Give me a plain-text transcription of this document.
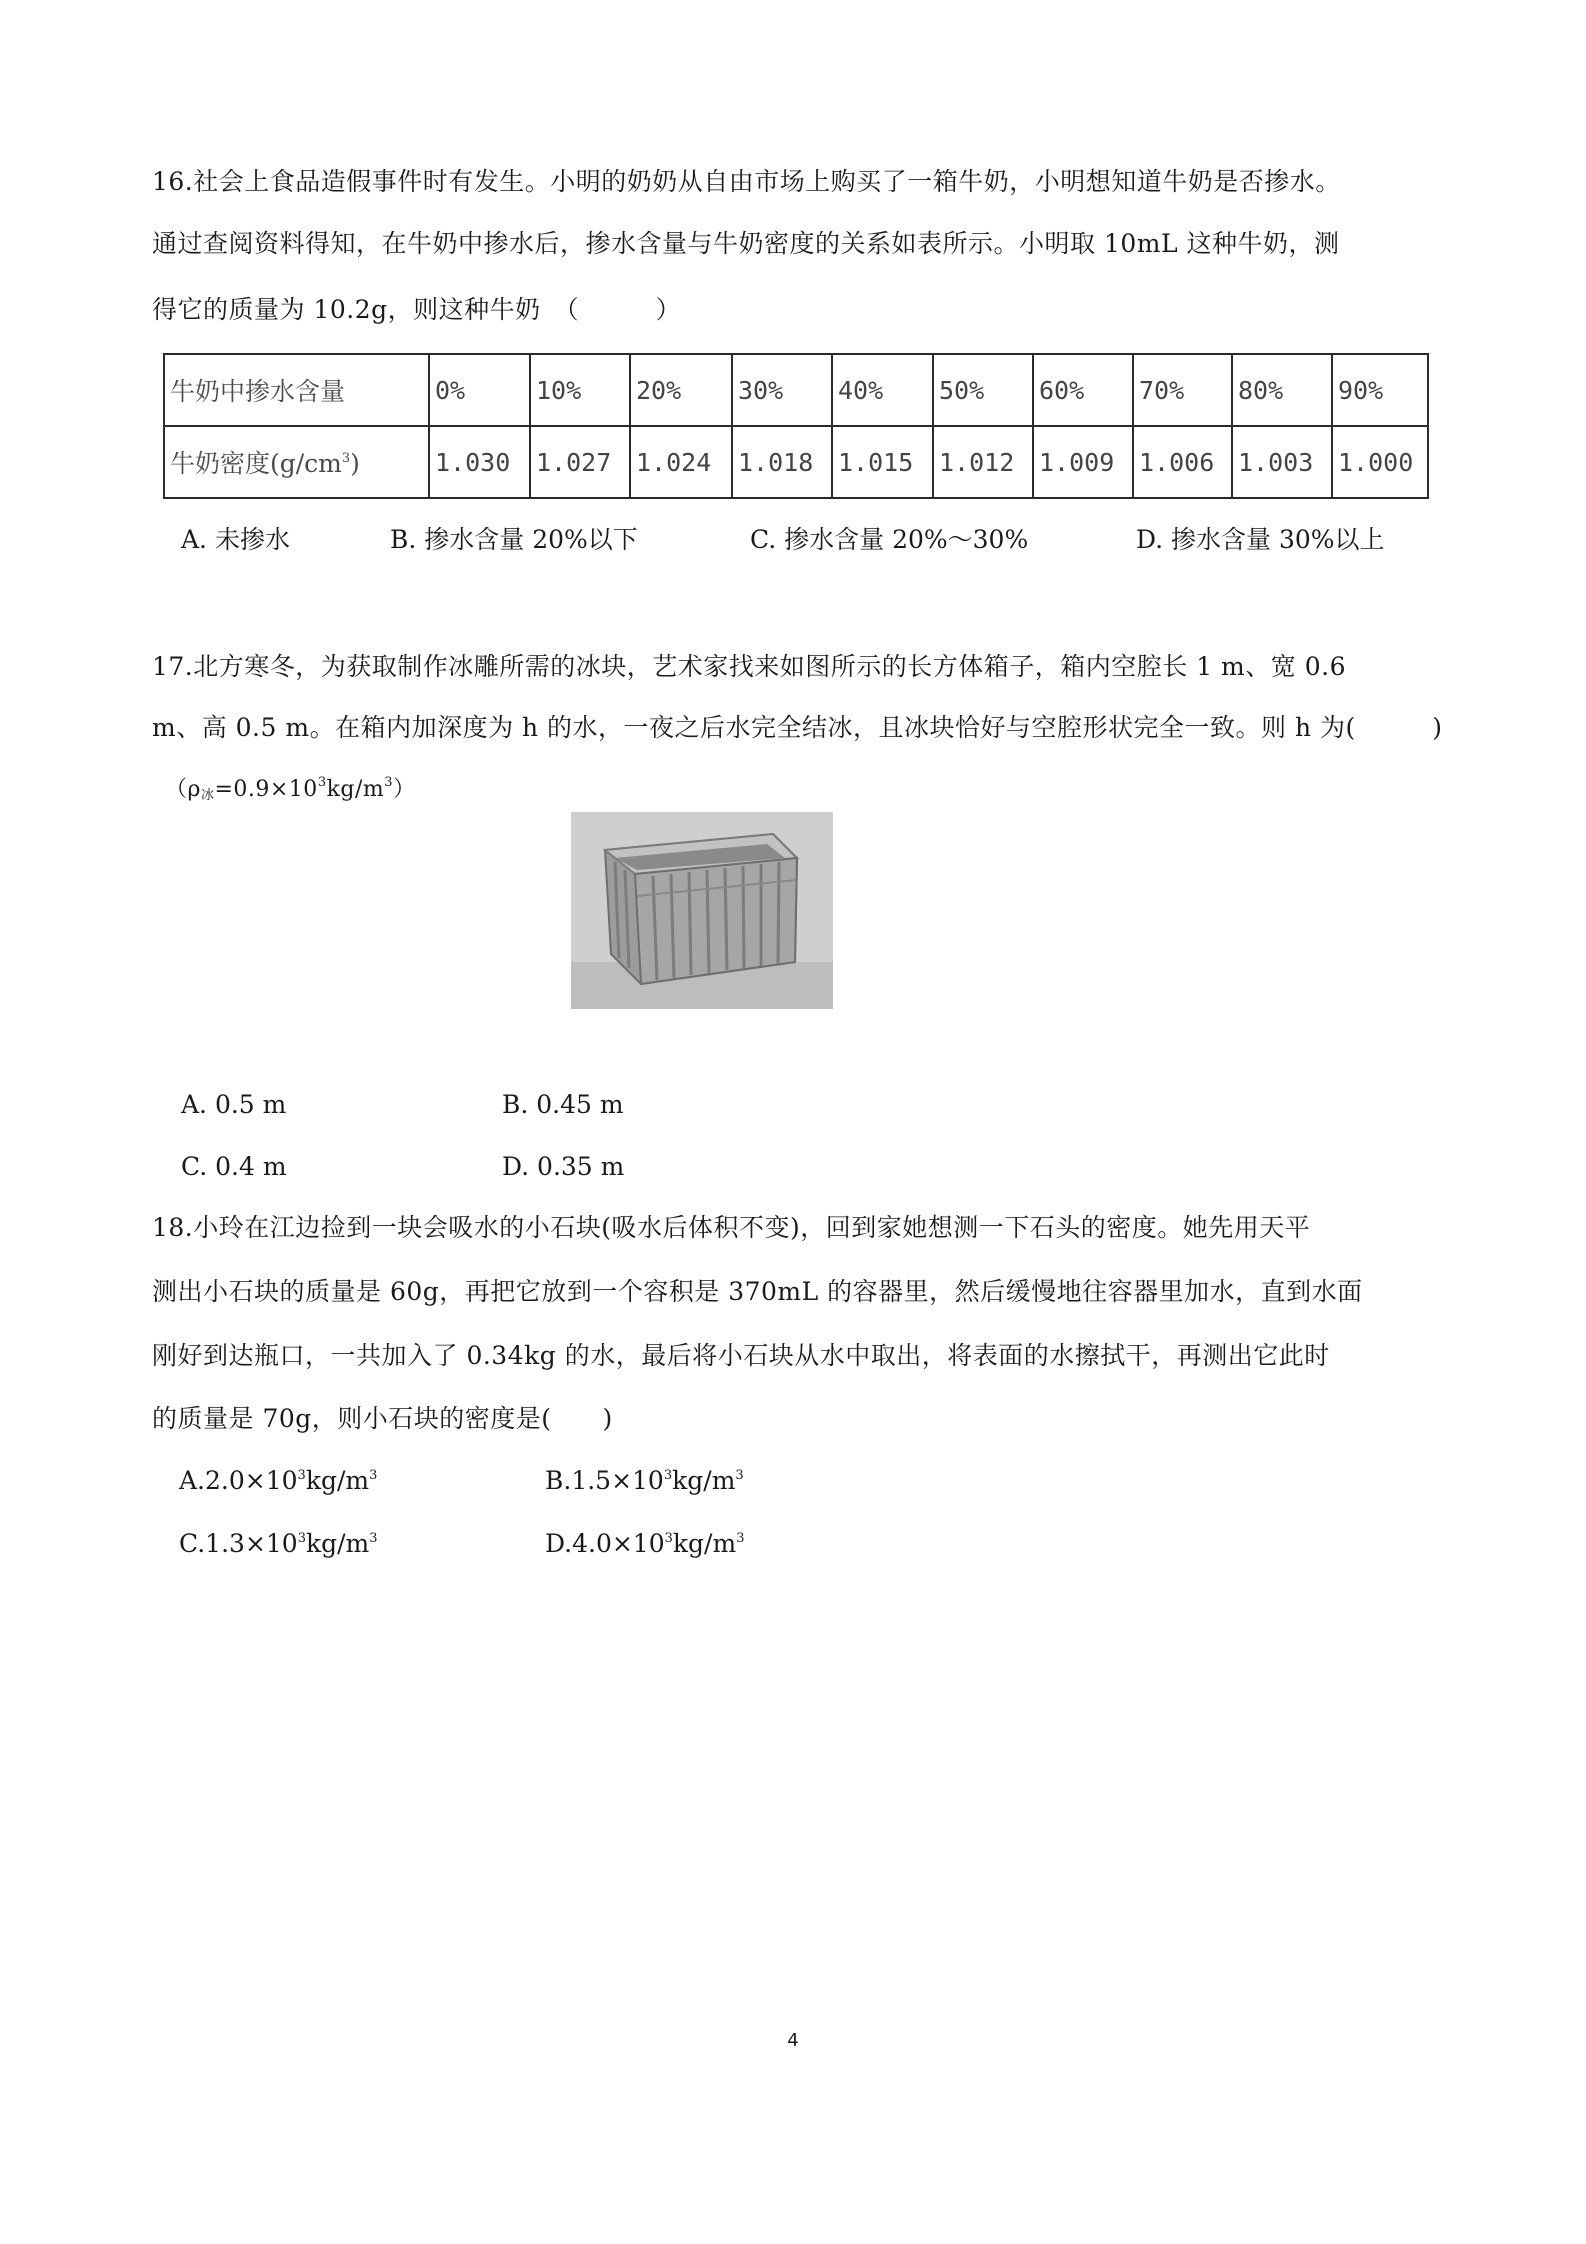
16.社会上食品造假事件时有发生。小明的奶奶从自由市场上购买了一箱牛奶，小明想知道牛奶是否掺水。
通过查阅资料得知，在牛奶中掺水后，掺水含量与牛奶密度的关系如表所示。小明取 10mL 这种牛奶，测
得它的质量为 10.2g，则这种牛奶　（　　　）
牛奶中掺水含量	0%	10%	20%	30%	40%	50%	60%	70%	80%	90%
牛奶密度$(g/cm^3)$	1.030	1.027	1.024	1.018	1.015	1.012	1.009	1.006	1.003	1.000
A. 未掺水	B. 掺水含量 20%以下	C. 掺水含量 20%～30%	D. 掺水含量 30%以上
17.北方寒冬，为获取制作冰雕所需的冰块，艺术家找来如图所示的长方体箱子，箱内空腔长 1 m、宽 0.6
m、高 0.5 m。在箱内加深度为 h 的水，一夜之后水完全结冰，且冰块恰好与空腔形状完全一致。则 h 为(　　　)
$(\rho_冰=0.9\times 10^3kg/m^3)$
A. 0.5 m	B. 0.45 m
C. 0.4 m	D. 0.35 m
18.小玲在江边捡到一块会吸水的小石块(吸水后体积不变)，回到家她想测一下石头的密度。她先用天平
测出小石块的质量是 60g，再把它放到一个容积是 370mL 的容器里，然后缓慢地往容器里加水，直到水面
刚好到达瓶口，一共加入了 0.34kg 的水，最后将小石块从水中取出，将表面的水擦拭干，再测出它此时
的质量是 70g，则小石块的密度是(　　)
$A.2.0\times 10^3kg/m^3$	$B.1.5\times 10^3kg/m^3$
$C.1.3\times 10^3kg/m^3$	$D.4.0\times 10^3kg/m^3$
4
